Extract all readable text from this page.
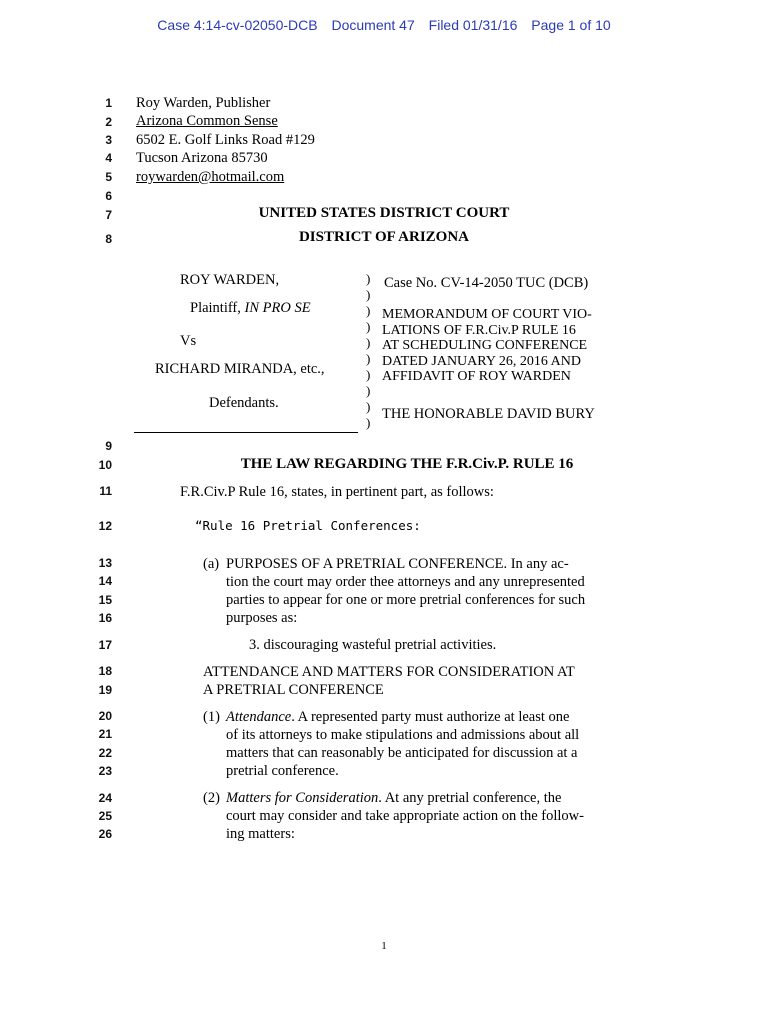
Case 4:14-cv-02050-DCB Document 47 Filed 01/31/16 Page 1 of 10
1
2
3
4
5
6
7
8
9
10
11
12
13
14
15
16
17
18
19
20
21
22
23
24
25
26
Roy Warden, Publisher
Arizona Common Sense
6502 E. Golf Links Road #129
Tucson Arizona 85730
roywarden@hotmail.com
UNITED STATES DISTRICT COURT
DISTRICT OF ARIZONA
ROY WARDEN,
Plaintiff, IN PRO SE
Vs
RICHARD MIRANDA, etc.,
Defendants.
)
)
)
)
)
)
)
)
)
)
Case No. CV-14-2050 TUC (DCB)
MEMORANDUM OF COURT VIO-
LATIONS OF F.R.Civ.P RULE 16
AT SCHEDULING CONFERENCE
DATED JANUARY 26, 2016 AND
AFFIDAVIT OF ROY WARDEN
THE HONORABLE DAVID BURY
THE LAW REGARDING THE F.R.Civ.P. RULE 16
F.R.Civ.P Rule 16, states, in pertinent part, as follows:
“Rule 16 Pretrial Conferences:
(a) PURPOSES OF A PRETRIAL CONFERENCE. In any ac-
tion the court may order thee attorneys and any unrepresented
parties to appear for one or more pretrial conferences for such
purposes as:
3. discouraging wasteful pretrial activities.
ATTENDANCE AND MATTERS FOR CONSIDERATION AT
A PRETRIAL CONFERENCE
(1) Attendance. A represented party must authorize at least one
of its attorneys to make stipulations and admissions about all
matters that can reasonably be anticipated for discussion at a
pretrial conference.
(2) Matters for Consideration. At any pretrial conference, the
court may consider and take appropriate action on the follow-
ing matters:
1
